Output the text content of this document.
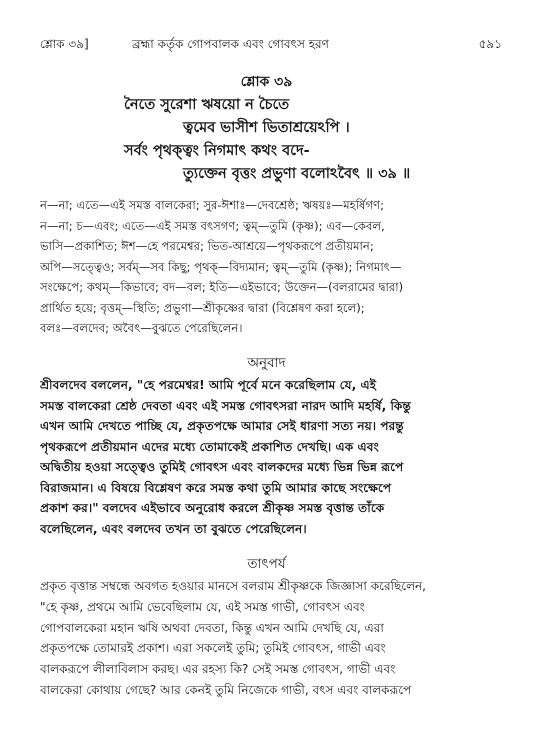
শ্লোক ৩৯]	ব্রহ্মা কর্তৃক গোপবালক এবং গোবৎস হরণ	৫৯১
শ্লোক ৩৯
নৈতে সুরেশা ঋষয়ো ন চৈতে
ত্বমেব ভাসীশ ভিতাশ্রয়েঽপি ।
সর্বং পৃথক্ত্বং নিগমাৎ কথং বদে-
ত্যুক্তেন বৃত্তং প্রভুণা বলোঽবৈৎ ॥ ৩৯ ॥
ন—না; এতে—এই সমস্ত বালকেরা; সুর-ঈশাঃ—দেবশ্রেষ্ঠ; ঋষয়ঃ—মহর্ষিগণ;
ন—না; চ—এবং; এতে—এই সমস্ত বৎসগণ; ত্বম্—তুমি (কৃষ্ণ); এব—কেবল,
ভাসি—প্রকাশিত; ঈশ—হে পরমেশ্বর; ভিত-আশ্রয়ে—পৃথকরূপে প্রতীয়মান;
অপি—সত্ত্বেও; সর্বম্—সব কিছু; পৃথক্—বিদ্যমান; ত্বম্—তুমি (কৃষ্ণ); নিগমাৎ—
সংক্ষেপে; কথম্—কিভাবে; বদ—বল; ইতি—এইভাবে; উক্তেন—(বলরামের দ্বারা)
প্রার্থিত হয়ে; বৃত্তম্—স্থিতি; প্রভুণা—শ্রীকৃষ্ণের দ্বারা (বিশ্লেষণ করা হলে);
বলঃ—বলদেব; অবৈৎ—বুঝতে পেরেছিলেন।
অনুবাদ
শ্রীবলদেব বললেন, "হে পরমেশ্বর! আমি পূর্বে মনে করেছিলাম যে, এই
সমস্ত বালকেরা শ্রেষ্ঠ দেবতা এবং এই সমস্ত গোবৎসরা নারদ আদি মহর্ষি, কিন্তু
এখন আমি দেখতে পাচ্ছি যে, প্রকৃতপক্ষে আমার সেই ধারণা সত্য নয়। পরন্তু
পৃথকরূপে প্রতীয়মান এদের মধ্যে তোমাকেই প্রকাশিত দেখছি। এক এবং
অদ্বিতীয় হওয়া সত্ত্বেও তুমিই গোবৎস এবং বালকদের মধ্যে ভিন্ন ভিন্ন রূপে
বিরাজমান। এ বিষয়ে বিশ্লেষণ করে সমস্ত কথা তুমি আমার কাছে সংক্ষেপে
প্রকাশ কর।" বলদেব এইভাবে অনুরোধ করলে শ্রীকৃষ্ণ সমস্ত বৃত্তান্ত তাঁকে
বলেছিলেন, এবং বলদেব তখন তা বুঝতে পেরেছিলেন।
তাৎপর্য
প্রকৃত বৃত্তান্ত সম্বন্ধে অবগত হওয়ার মানসে বলরাম শ্রীকৃষ্ণকে জিজ্ঞাসা করেছিলেন,
"হে কৃষ্ণ, প্রথমে আমি ভেবেছিলাম যে, এই সমস্ত গাভী, গোবৎস এবং
গোপবালকেরা মহান ঋষি অথবা দেবতা, কিন্তু এখন আমি দেখছি যে, এরা
প্রকৃতপক্ষে তোমারই প্রকাশ। এরা সকলেই তুমি; তুমিই গোবৎস, গাভী এবং
বালকরূপে লীলাবিলাস করছ। এর রহস্য কি? সেই সমস্ত গোবৎস, গাভী এবং
বালকেরা কোথায় গেছে? আর কেনই তুমি নিজেকে গাভী, বৎস এবং বালকরূপে
